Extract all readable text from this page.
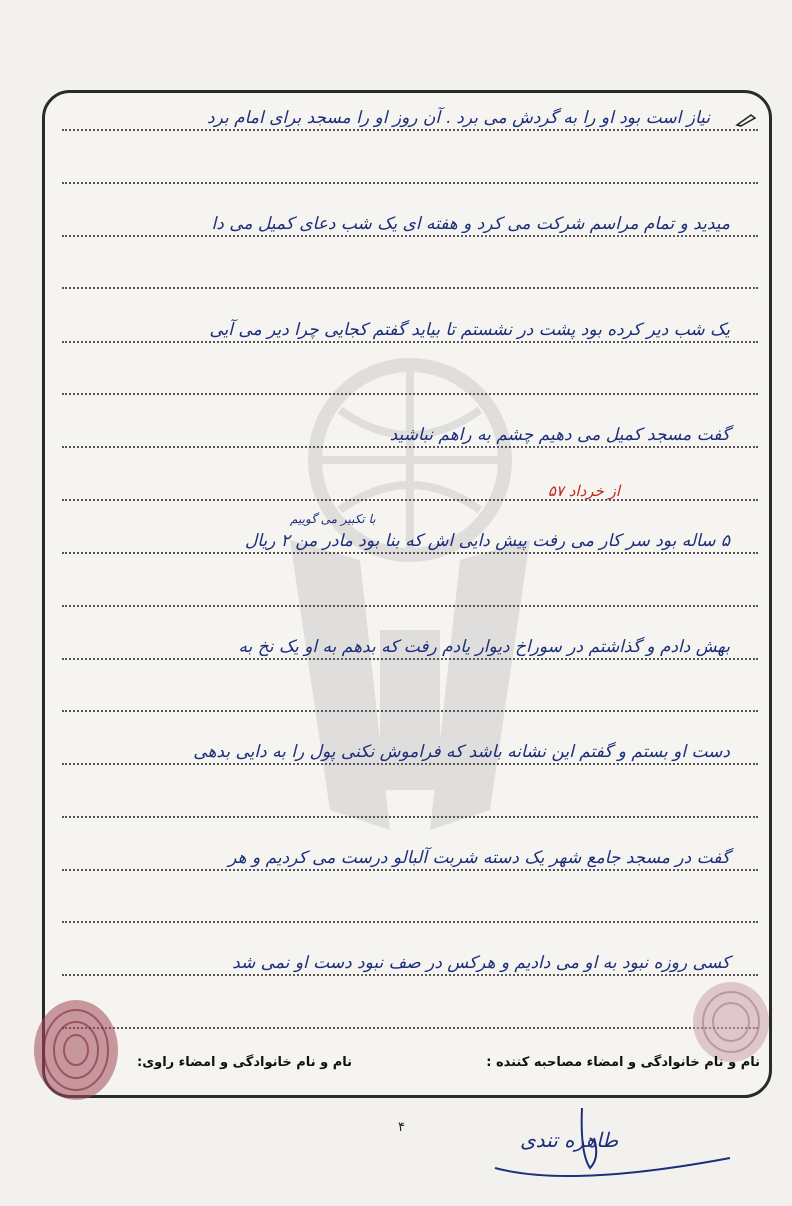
نیاز است بود او را به گردش می برد . آن روز او را مسجد برای امام برد
میدید و تمام مراسم شرکت می کرد و هفته ای یک شب دعای کمیل می دا
یک شب دیر کرده بود پشت در نشستم تا بیاید گفتم کجایی چرا دیر می آیی
گفت مسجد کمیل می دهیم چشم به راهم نباشید
از خرداد ۵۷
با تکبیر می گوییم
۵ ساله بود سر کار می رفت پیش دایی اش که بنا بود مادر من ۲ ریال
بهش دادم و گذاشتم در سوراخ دیوار یادم رفت که بدهم به او یک نخ به
دست او بستم و گفتم این نشانه باشد که فراموش نکنی پول را به دایی بدهی
گفت در مسجد جامع شهر یک دسته شربت آلبالو درست می کردیم و هر
کسی روزه نبود به او می دادیم و هرکس در صف نبود دست او نمی شد
نام و نام خانوادگی و امضاء مصاحبه کننده :
نام و نام خانوادگی و امضاء راوی:
۴
طاهره تندی
